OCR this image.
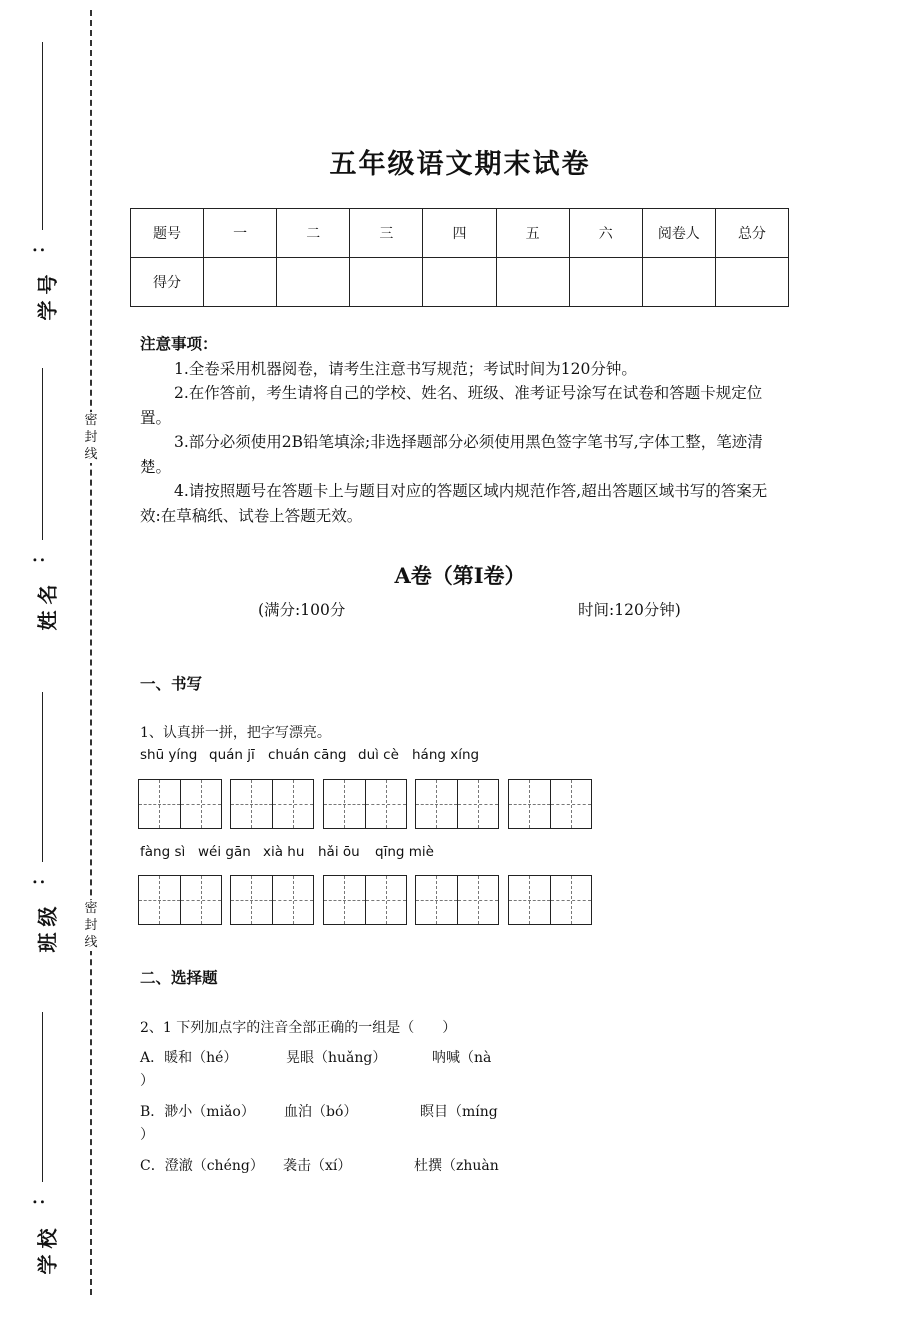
：
学号
：
姓名
：
班级
：
学校
密
封
线
密
封
线
五年级语文期末试卷
题号	一	二	三	四	五	六	阅卷人	总分
得分								
注意事项：

1.全卷采用机器阅卷，请考生注意书写规范；考试时间为120分钟。

2.在作答前，考生请将自己的学校、姓名、班级、准考证号涂写在试卷和答题卡规定位置。

3.部分必须使用2B铅笔填涂;非选择题部分必须使用黑色签字笔书写,字体工整，笔迹清楚。

4.请按照题号在答题卡上与题目对应的答题区域内规范作答,超出答题区域书写的答案无效:在草稿纸、试卷上答题无效。

A卷（第Ⅰ卷）
(满分:100分	时间:120分钟)
一、书写
1、认真拼一拼，把字写漂亮。
shū yíng quán jī chuán cāng duì cè háng xíng
fàng sì wéi gān xià hu hǎi ōu qīng miè
二、选择题
2、1 下列加点字的注音全部正确的一组是（　　）
A．暖和（hé）	晃眼（huǎng）	呐喊（nà
）
B．渺小（miǎo） 血泊（bó）	瞑目（míng
）
C．澄澈（chéng） 袭击（xí）	杜撰（zhuàn
